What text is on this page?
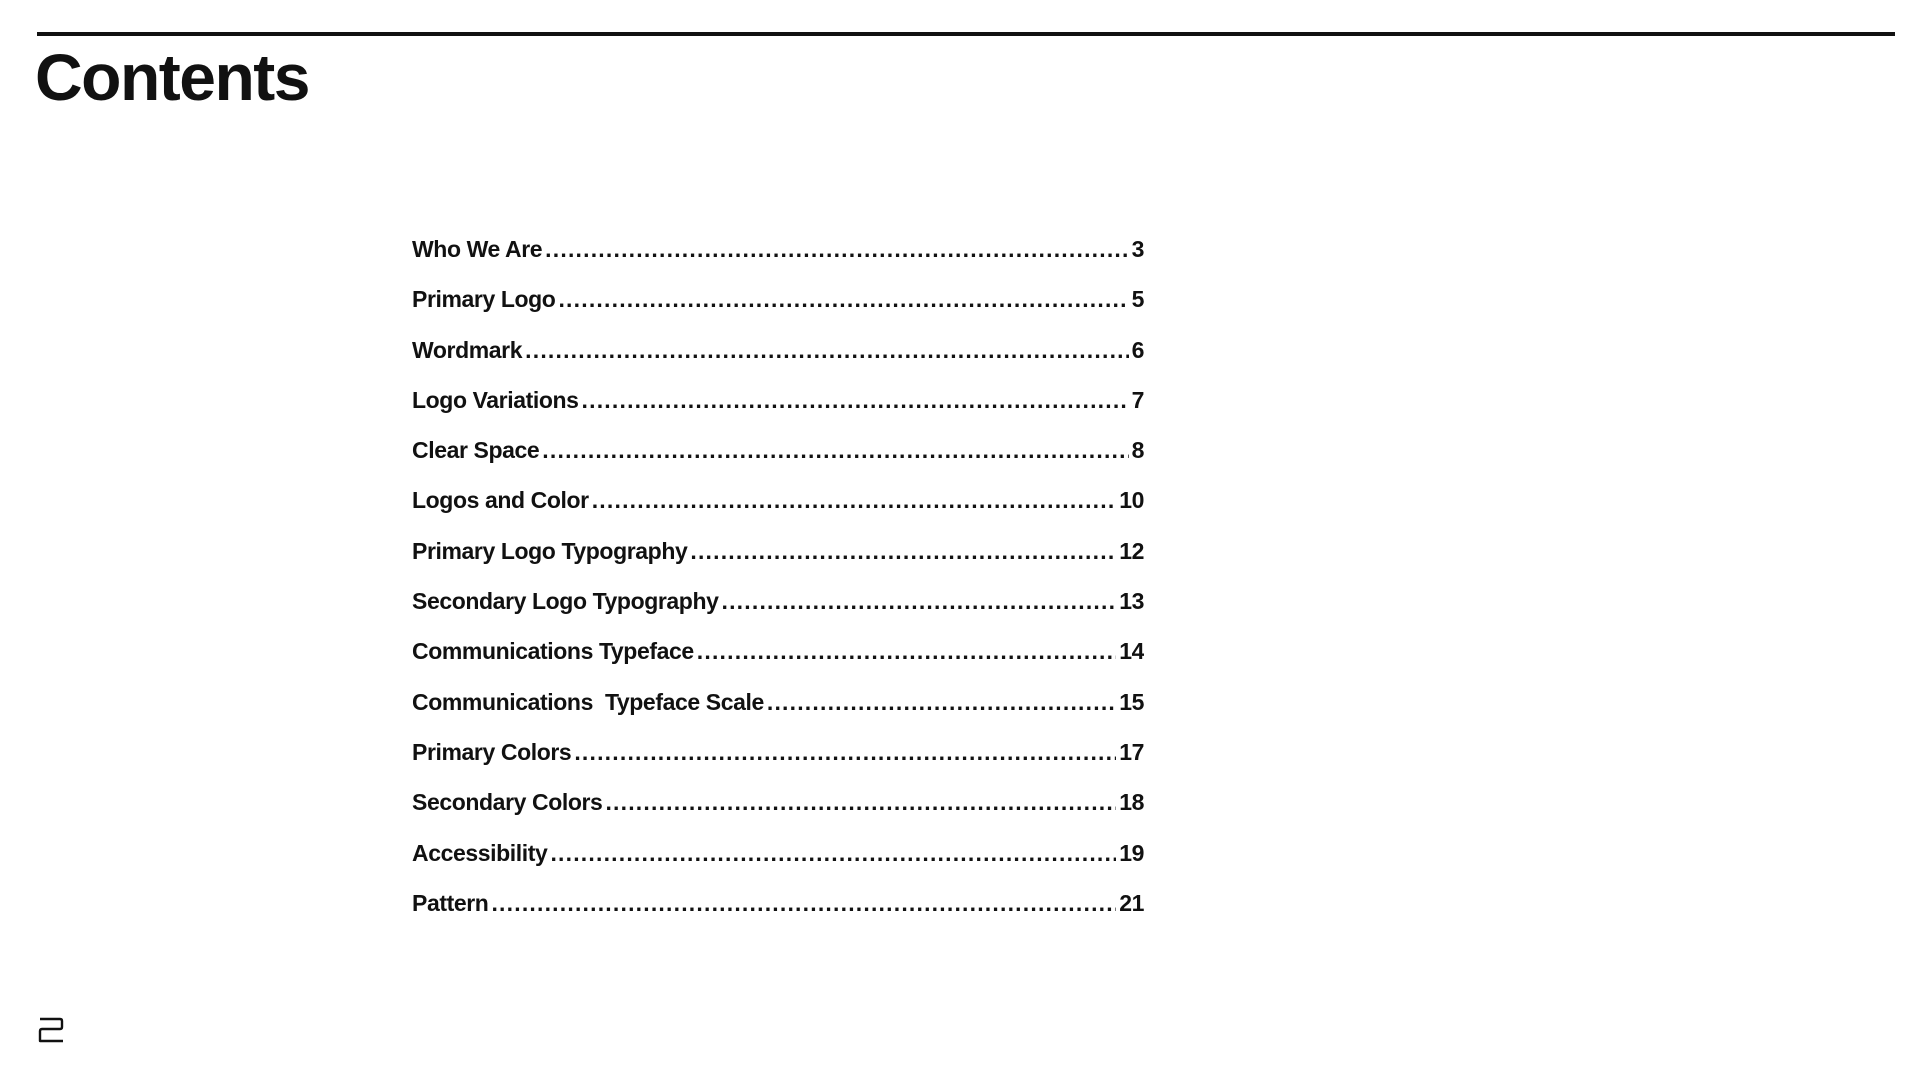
Contents
Who We Are .....	3
Primary Logo .....	5
Wordmark .....	6
Logo Variations .....	7
Clear Space .....	8
Logos and Color .....	10
Primary Logo Typography .....	12
Secondary Logo Typography .....	13
Communications Typeface .....	14
Communications  Typeface Scale .....	15
Primary Colors .....	17
Secondary Colors .....	18
Accessibility .....	19
Pattern .....	21
